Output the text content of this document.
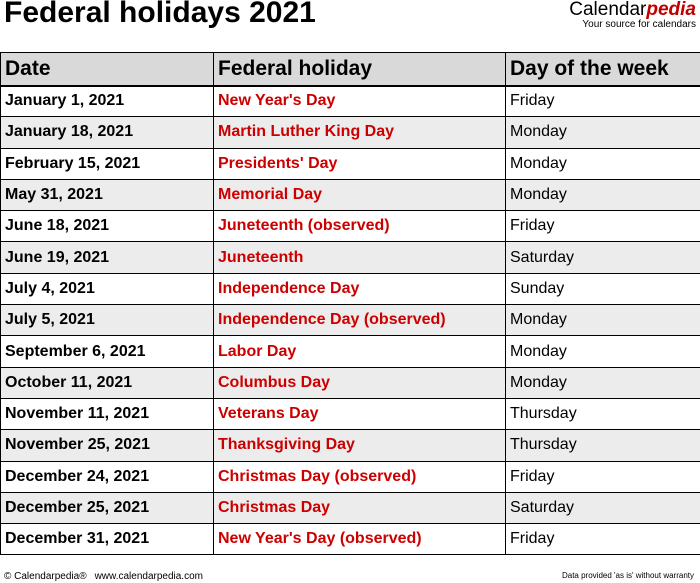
Federal holidays 2021	Calendarpedia
Your source for calendars
Date	Federal holiday	Day of the week
January 1, 2021	New Year's Day	Friday
January 18, 2021	Martin Luther King Day	Monday
February 15, 2021	Presidents' Day	Monday
May 31, 2021	Memorial Day	Monday
June 18, 2021	Juneteenth (observed)	Friday
June 19, 2021	Juneteenth	Saturday
July 4, 2021	Independence Day	Sunday
July 5, 2021	Independence Day (observed)	Monday
September 6, 2021	Labor Day	Monday
October 11, 2021	Columbus Day	Monday
November 11, 2021	Veterans Day	Thursday
November 25, 2021	Thanksgiving Day	Thursday
December 24, 2021	Christmas Day (observed)	Friday
December 25, 2021	Christmas Day	Saturday
December 31, 2021	New Year's Day (observed)	Friday
© Calendarpedia® www.calendarpedia.com	Data provided 'as is' without warranty
